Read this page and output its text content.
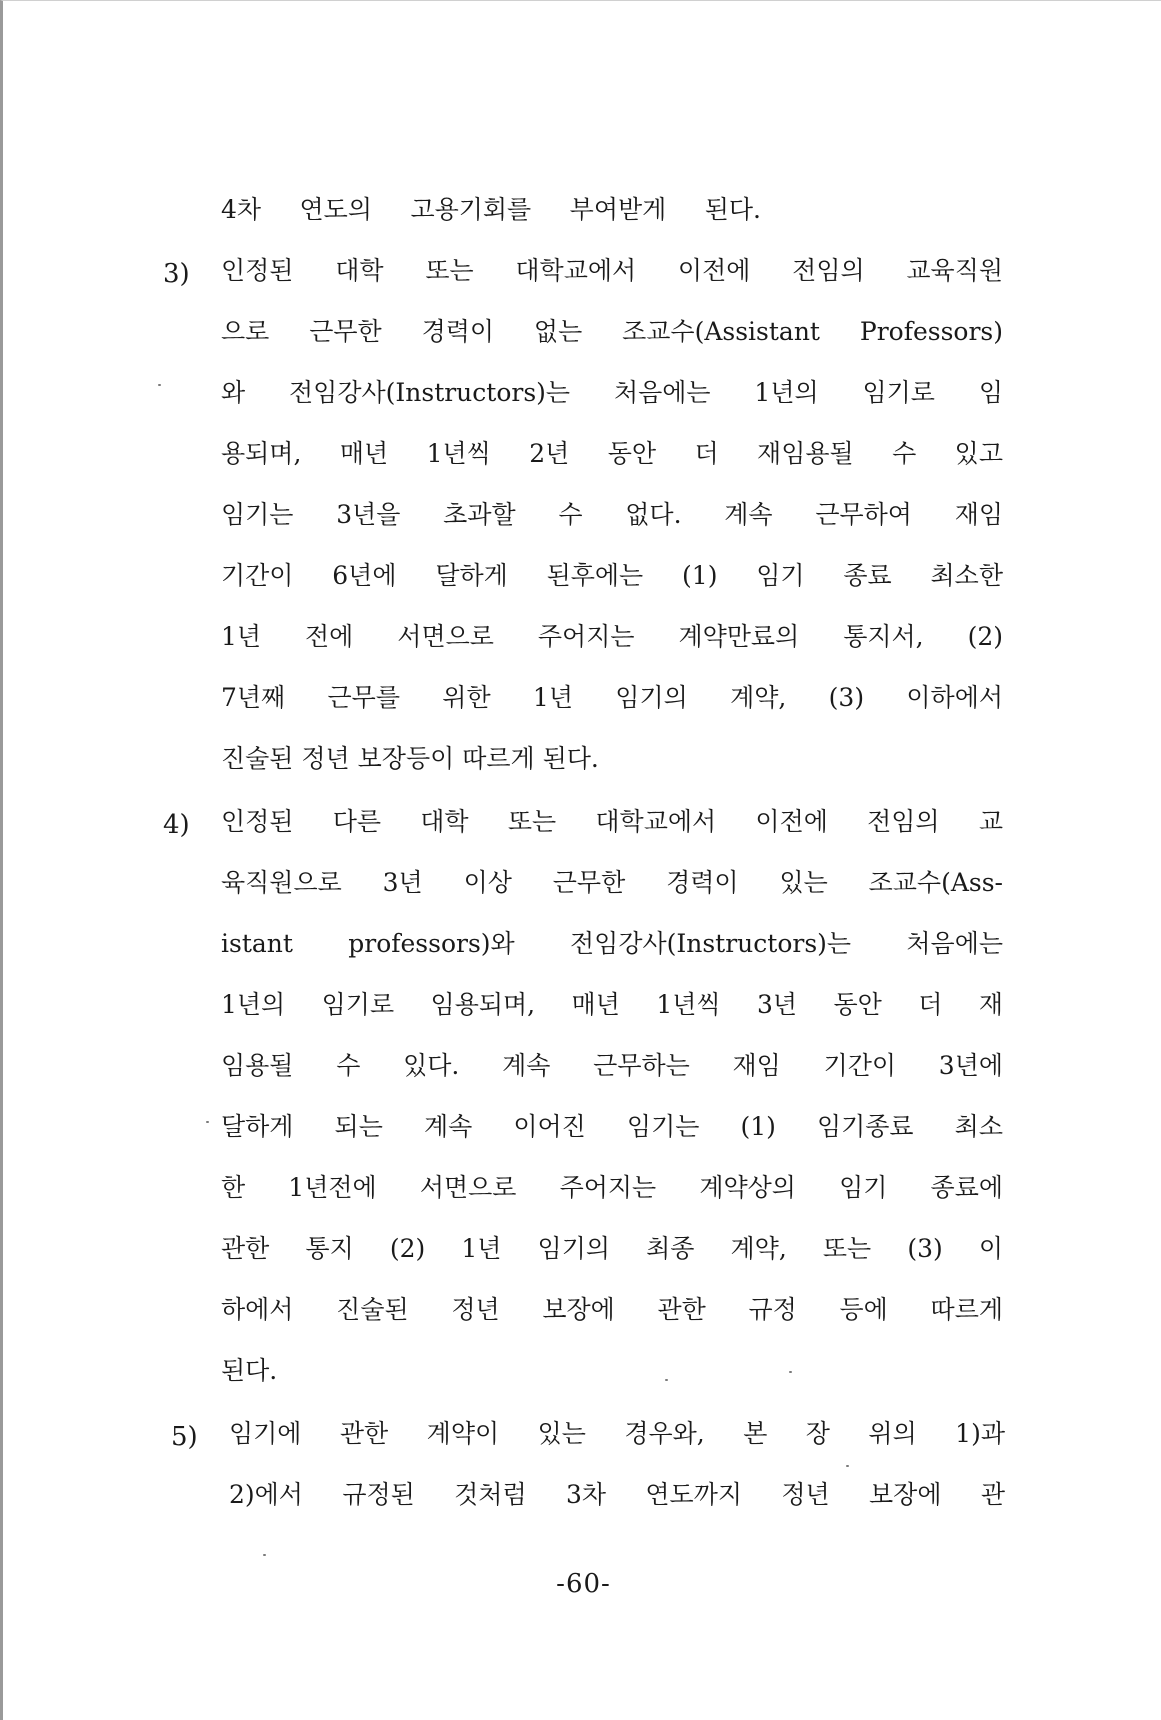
4차 연도의 고용기회를 부여받게 된다.
3) 인정된 대학 또는 대학교에서 이전에 전임의 교육직원
으로 근무한 경력이 없는 조교수(Assistant Professors)
와 전임강사(Instructors)는 처음에는 1년의 임기로 임
용되며, 매년 1년씩 2년 동안 더 재임용될 수 있고
임기는 3년을 초과할 수 없다. 계속 근무하여 재임
기간이 6년에 달하게 된후에는 (1) 임기 종료 최소한
1년 전에 서면으로 주어지는 계약만료의 통지서, (2)
7년째 근무를 위한 1년 임기의 계약, (3) 이하에서
진술된 정년 보장등이 따르게 된다.
4) 인정된 다른 대학 또는 대학교에서 이전에 전임의 교
육직원으로 3년 이상 근무한 경력이 있는 조교수(Ass-
istant professors)와 전임강사(Instructors)는 처음에는
1년의 임기로 임용되며, 매년 1년씩 3년 동안 더 재
임용될 수 있다. 계속 근무하는 재임 기간이 3년에
달하게 되는 계속 이어진 임기는 (1) 임기종료 최소
한 1년전에 서면으로 주어지는 계약상의 임기 종료에
관한 통지 (2) 1년 임기의 최종 계약, 또는 (3) 이
하에서 진술된 정년 보장에 관한 규정 등에 따르게
된다.
5) 임기에 관한 계약이 있는 경우와, 본 장 위의 1)과
2)에서 규정된 것처럼 3차 연도까지 정년 보장에 관
-60-
